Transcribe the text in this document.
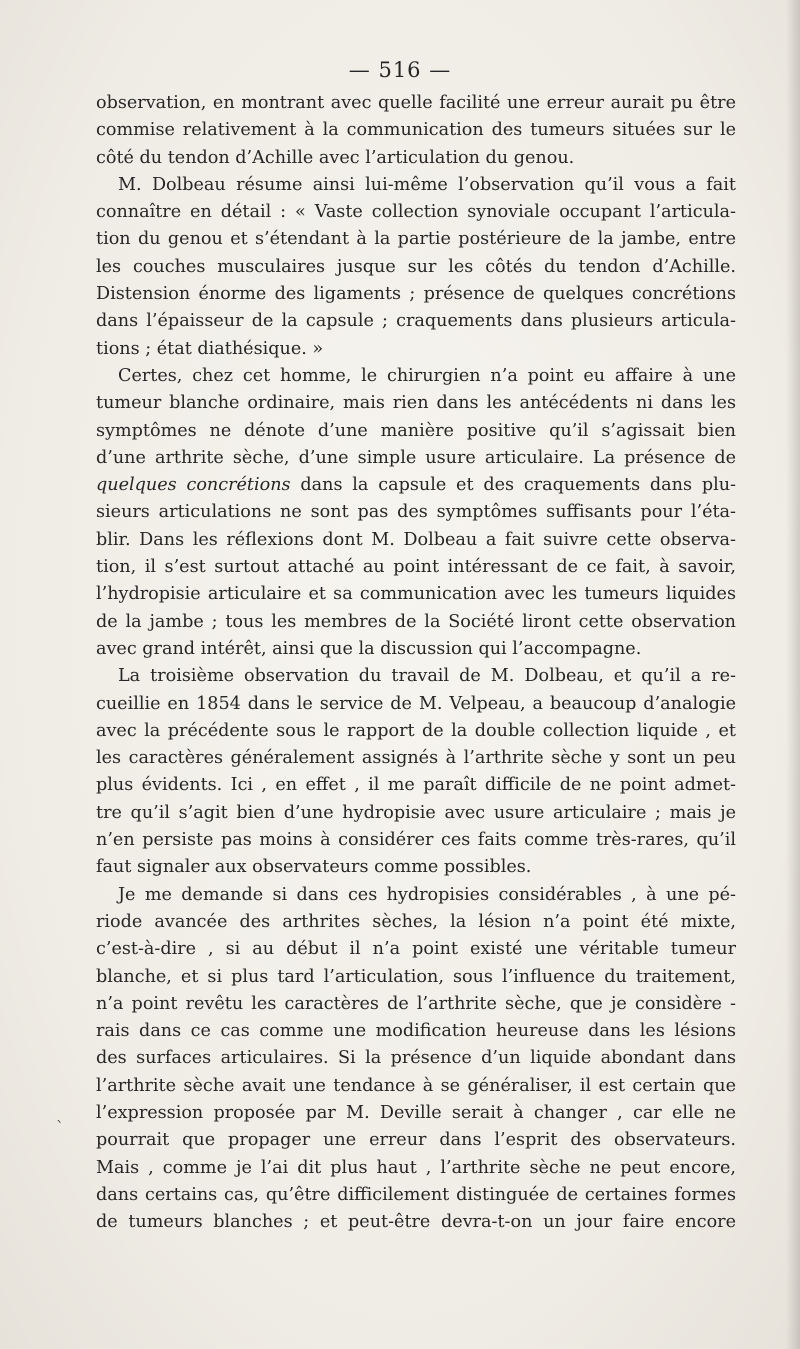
— 516 —
`
observation, en montrant avec quelle facilité une erreur aurait pu être
commise relativement à la communication des tumeurs situées sur le
côté du tendon d’Achille avec l’articulation du genou.
M. Dolbeau résume ainsi lui-même l’observation qu’il vous a fait
connaître en détail : « Vaste collection synoviale occupant l’articula-
tion du genou et s’étendant à la partie postérieure de la jambe, entre
les couches musculaires jusque sur les côtés du tendon d’Achille.
Distension énorme des ligaments ; présence de quelques concrétions
dans l’épaisseur de la capsule ; craquements dans plusieurs articula-
tions ; état diathésique. »
Certes, chez cet homme, le chirurgien n’a point eu affaire à une
tumeur blanche ordinaire, mais rien dans les antécédents ni dans les
symptômes ne dénote d’une manière positive qu’il s’agissait bien
d’une arthrite sèche, d’une simple usure articulaire. La présence de
quelques concrétions dans la capsule et des craquements dans plu-
sieurs articulations ne sont pas des symptômes suffisants pour l’éta-
blir. Dans les réflexions dont M. Dolbeau a fait suivre cette observa-
tion, il s’est surtout attaché au point intéressant de ce fait, à savoir,
l’hydropisie articulaire et sa communication avec les tumeurs liquides
de la jambe ; tous les membres de la Société liront cette observation
avec grand intérêt, ainsi que la discussion qui l’accompagne.
La troisième observation du travail de M. Dolbeau, et qu’il a re-
cueillie en 1854 dans le service de M. Velpeau, a beaucoup d’analogie
avec la précédente sous le rapport de la double collection liquide , et
les caractères généralement assignés à l’arthrite sèche y sont un peu
plus évidents. Ici , en effet , il me paraît difficile de ne point admet-
tre qu’il s’agit bien d’une hydropisie avec usure articulaire ; mais je
n’en persiste pas moins à considérer ces faits comme très-rares, qu’il
faut signaler aux observateurs comme possibles.
Je me demande si dans ces hydropisies considérables , à une pé-
riode avancée des arthrites sèches, la lésion n’a point été mixte,
c’est-à-dire , si au début il n’a point existé une véritable tumeur
blanche, et si plus tard l’articulation, sous l’influence du traitement,
n’a point revêtu les caractères de l’arthrite sèche, que je considère -
rais dans ce cas comme une modification heureuse dans les lésions
des surfaces articulaires. Si la présence d’un liquide abondant dans
l’arthrite sèche avait une tendance à se généraliser, il est certain que
l’expression proposée par M. Deville serait à changer , car elle ne
pourrait que propager une erreur dans l’esprit des observateurs.
Mais , comme je l’ai dit plus haut , l’arthrite sèche ne peut encore,
dans certains cas, qu’être difficilement distinguée de certaines formes
de tumeurs blanches ; et peut-être devra-t-on un jour faire encore
